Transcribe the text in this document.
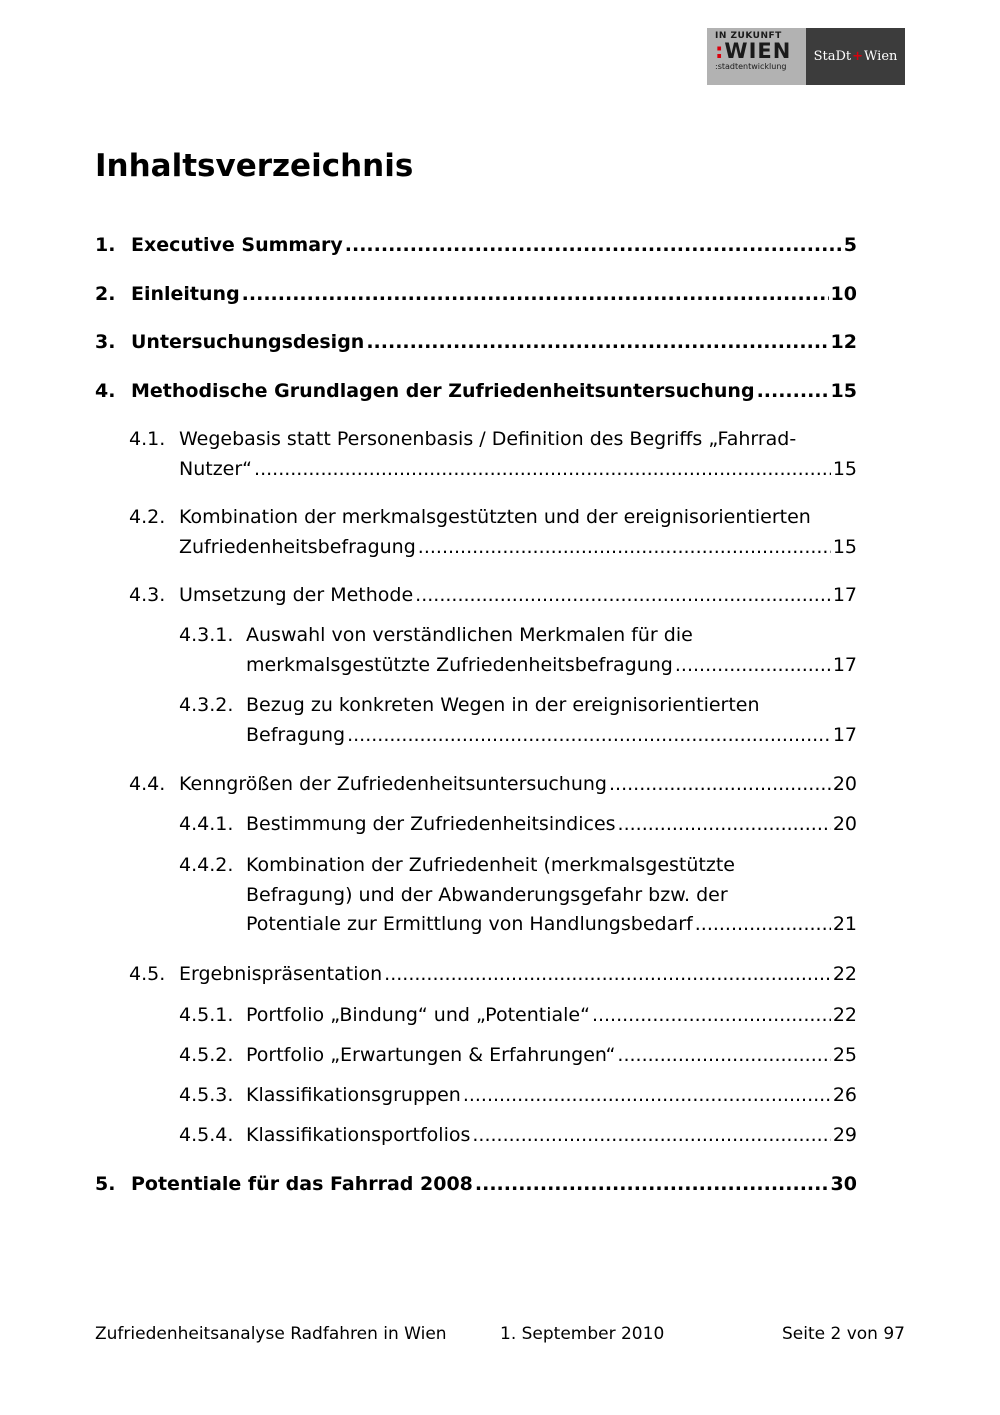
IN ZUKUNFT
:WIEN
:stadtentwicklung
StaDt + Wien
Inhaltsverzeichnis
1. Executive Summary .....	5
2. Einleitung .....	10
3. Untersuchungsdesign .....	12
4. Methodische Grundlagen der Zufriedenheitsuntersuchung .....	15
4.1. Wegebasis statt Personenbasis / Definition des Begriffs „Fahrrad-
Nutzer“ .....	15
4.2. Kombination der merkmalsgestützten und der ereignisorientierten
Zufriedenheitsbefragung .....	15
4.3. Umsetzung der Methode .....	17
4.3.1. Auswahl von verständlichen Merkmalen für die
merkmalsgestützte Zufriedenheitsbefragung .....	17
4.3.2. Bezug zu konkreten Wegen in der ereignisorientierten
Befragung .....	17
4.4. Kenngrößen der Zufriedenheitsuntersuchung .....	20
4.4.1. Bestimmung der Zufriedenheitsindices .....	20
4.4.2. Kombination der Zufriedenheit (merkmalsgestützte
Befragung) und der Abwanderungsgefahr bzw. der
Potentiale zur Ermittlung von Handlungsbedarf .....	21
4.5. Ergebnispräsentation .....	22
4.5.1. Portfolio „Bindung“ und „Potentiale“ .....	22
4.5.2. Portfolio „Erwartungen & Erfahrungen“ .....	25
4.5.3. Klassifikationsgruppen .....	26
4.5.4. Klassifikationsportfolios .....	29
5. Potentiale für das Fahrrad 2008 .....	30
Zufriedenheitsanalyse Radfahren in Wien	1. September 2010	Seite 2 von 97
